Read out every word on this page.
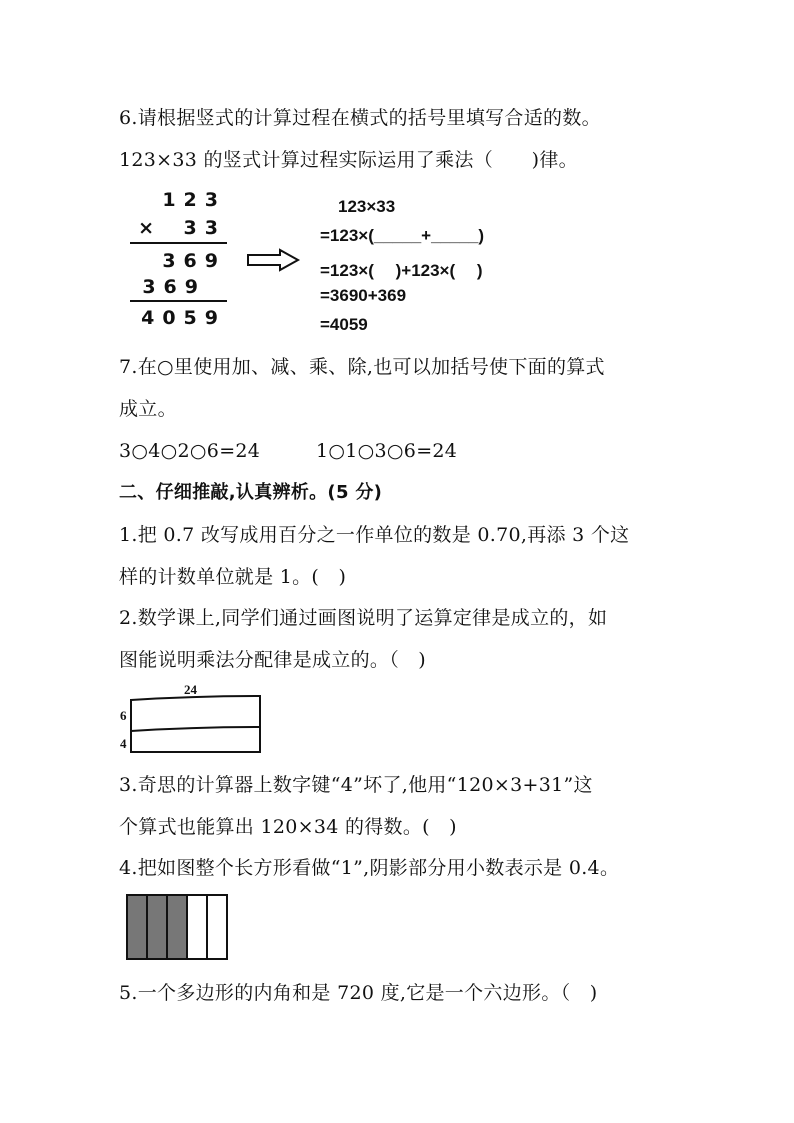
6.请根据竖式的计算过程在横式的括号里填写合适的数。
123×33 的竖式计算过程实际运用了乘法（　　)律。
123
×	33
369
369
4059
123×33
=123×(_____+_____)
=123×(　 )+123×(　 )
=3690+369
=4059
7.在○里使用加、减、乘、除,也可以加括号使下面的算式
成立。
3○4○2○6=24	1○1○3○6=24
二、仔细推敲,认真辨析。(5 分)
1.把 0.7 改写成用百分之一作单位的数是 0.70,再添 3 个这
样的计数单位就是 1。(　)
2.数学课上,同学们通过画图说明了运算定律是成立的，如
图能说明乘法分配律是成立的。（　)
24
6
4
3.奇思的计算器上数字键“4”坏了,他用“120×3+31”这
个算式也能算出 120×34 的得数。(　)
4.把如图整个长方形看做“1”,阴影部分用小数表示是 0.4。
5.一个多边形的内角和是 720 度,它是一个六边形。（　)
